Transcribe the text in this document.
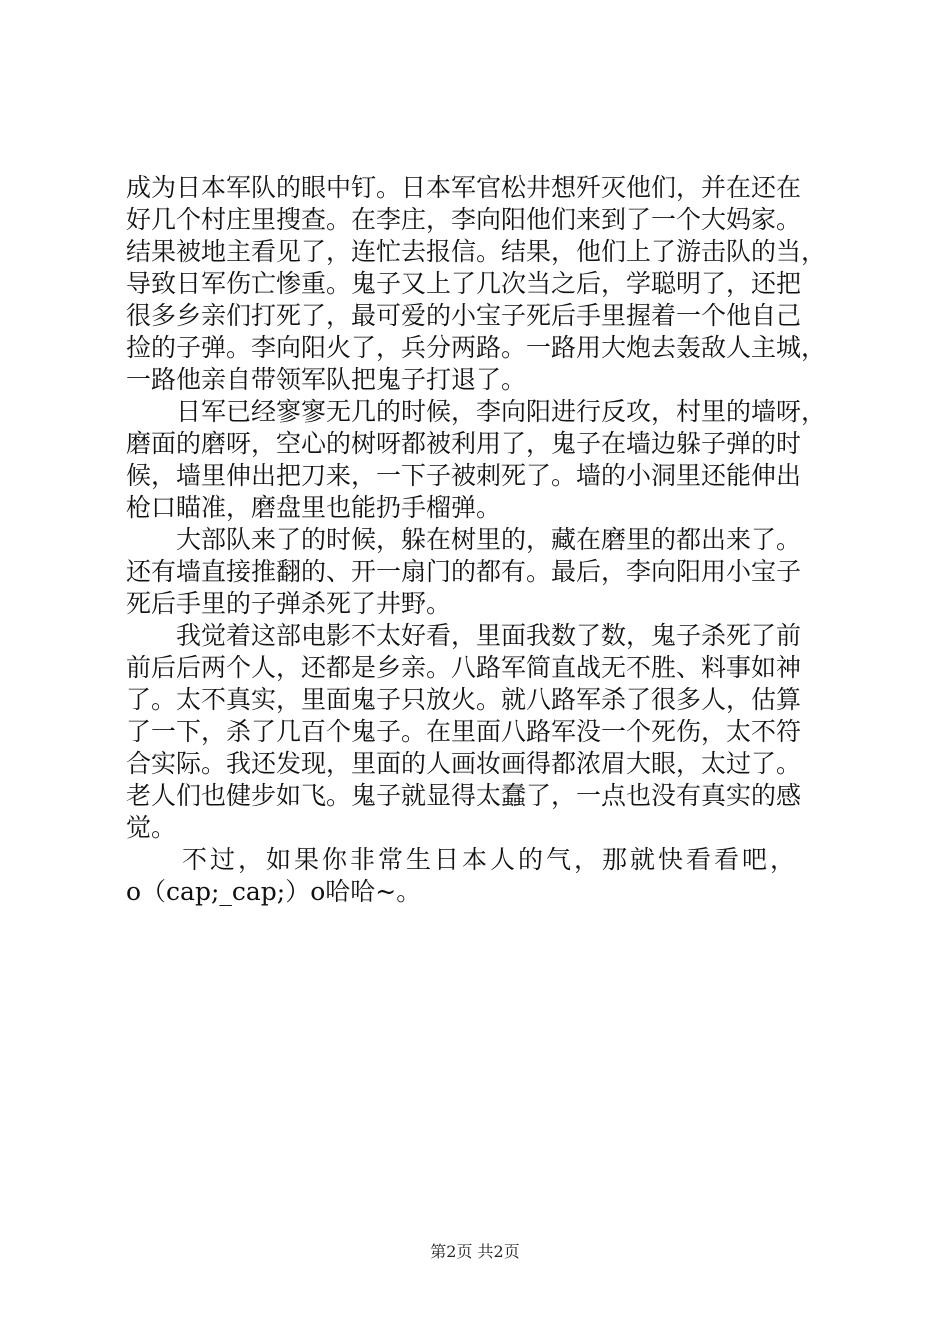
成为日本军队的眼中钉。日本军官松井想歼灭他们，并在还在
好几个村庄里搜查。在李庄，李向阳他们来到了一个大妈家。
结果被地主看见了，连忙去报信。结果，他们上了游击队的当，
导致日军伤亡惨重。鬼子又上了几次当之后，学聪明了，还把
很多乡亲们打死了，最可爱的小宝子死后手里握着一个他自己
捡的子弹。李向阳火了，兵分两路。一路用大炮去轰敌人主城，
一路他亲自带领军队把鬼子打退了。
　　日军已经寥寥无几的时候，李向阳进行反攻，村里的墙呀，
磨面的磨呀，空心的树呀都被利用了，鬼子在墙边躲子弹的时
候，墙里伸出把刀来，一下子被刺死了。墙的小洞里还能伸出
枪口瞄准，磨盘里也能扔手榴弹。
　　大部队来了的时候，躲在树里的，藏在磨里的都出来了。
还有墙直接推翻的、开一扇门的都有。最后，李向阳用小宝子
死后手里的子弹杀死了井野。
　　我觉着这部电影不太好看，里面我数了数，鬼子杀死了前
前后后两个人，还都是乡亲。八路军简直战无不胜、料事如神
了。太不真实，里面鬼子只放火。就八路军杀了很多人，估算
了一下，杀了几百个鬼子。在里面八路军没一个死伤，太不符
合实际。我还发现，里面的人画妆画得都浓眉大眼，太过了。
老人们也健步如飞。鬼子就显得太蠢了，一点也没有真实的感
觉。
　　不过，如果你非常生日本人的气，那就快看看吧，
o（cap;_cap;）o哈哈~。
第2页 共2页
